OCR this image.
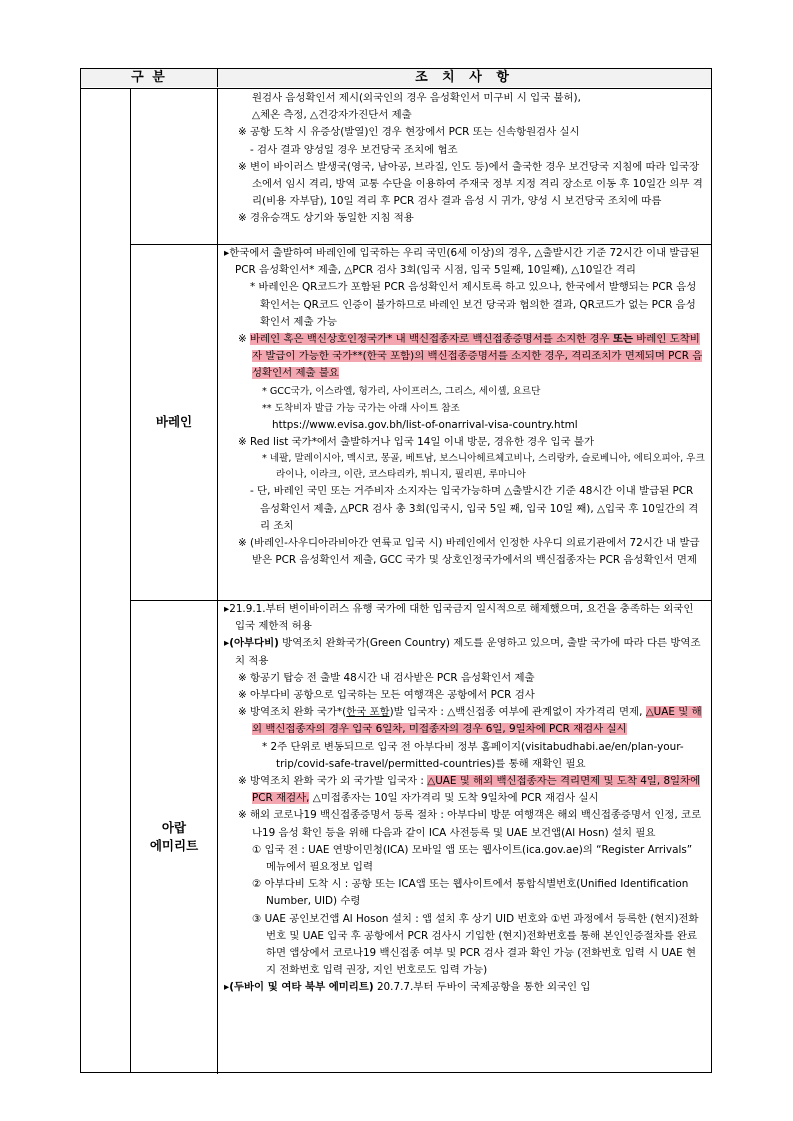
구 분	조 치 사 항

원검사 음성확인서 제시(외국인의 경우 음성확인서 미구비 시 입국 불허),

△체온 측정, △건강자가진단서 제출

※ 공항 도착 시 유증상(발열)인 경우 현장에서 PCR 또는 신속항원검사 실시

- 검사 결과 양성일 경우 보건당국 조치에 협조

※ 변이 바이러스 발생국(영국, 남아공, 브라질, 인도 등)에서 출국한 경우 보건당국 지침에 따라 입국장소에서 임시 격리, 방역 교통 수단을 이용하여 주재국 정부 지정 격리 장소로 이동 후 10일간 의무 격리(비용 자부담), 10일 격리 후 PCR 검사 결과 음성 시 귀가, 양성 시 보건당국 조치에 따름

※ 경유승객도 상기와 동일한 지침 적용

바레인

▸한국에서 출발하여 바레인에 입국하는 우리 국민(6세 이상)의 경우, △출발시간 기준 72시간 이내 발급된 PCR 음성확인서* 제출, △PCR 검사 3회(입국 시점, 입국 5일째, 10일째), △10일간 격리

* 바레인은 QR코드가 포함된 PCR 음성확인서 제시토록 하고 있으나, 한국에서 발행되는 PCR 음성확인서는 QR코드 인증이 불가하므로 바레인 보건 당국과 협의한 결과, QR코드가 없는 PCR 음성확인서 제출 가능

※ 바레인 혹은 백신상호인정국가* 내 백신접종자로 백신접종증명서를 소지한 경우 또는 바레인 도착비자 발급이 가능한 국가**(한국 포함)의 백신접종증명서를 소지한 경우, 격리조치가 면제되며 PCR 음성확인서 제출 불요

* GCC국가, 이스라엘, 헝가리, 사이프러스, 그리스, 세이셸, 요르단

** 도착비자 발급 가능 국가는 아래 사이트 참조

https://www.evisa.gov.bh/list-of-onarrival-visa-country.html

※ Red list 국가*에서 출발하거나 입국 14일 이내 방문, 경유한 경우 입국 불가

* 네팔, 말레이시아, 멕시코, 몽골, 베트남, 보스니아헤르체고비나, 스리랑카, 슬로베니아, 에티오피아, 우크라이나, 이라크, 이란, 코스타리카, 튀니지, 필리핀, 루마니아

- 단, 바레인 국민 또는 거주비자 소지자는 입국가능하며 △출발시간 기준 48시간 이내 발급된 PCR 음성확인서 제출, △PCR 검사 총 3회(입국시, 입국 5일 째, 입국 10일 째), △입국 후 10일간의 격리 조치

※ (바레인-사우디아라비아간 연륙교 입국 시) 바레인에서 인정한 사우디 의료기관에서 72시간 내 발급받은 PCR 음성확인서 제출, GCC 국가 및 상호인정국가에서의 백신접종자는 PCR 음성확인서 면제

아랍
에미리트

▸21.9.1.부터 변이바이러스 유행 국가에 대한 입국금지 일시적으로 해제했으며, 요건을 충족하는 외국인 입국 제한적 허용

▸(아부다비) 방역조치 완화국가(Green Country) 제도를 운영하고 있으며, 출발 국가에 따라 다른 방역조치 적용

※ 항공기 탑승 전 출발 48시간 내 검사받은 PCR 음성확인서 제출

※ 아부다비 공항으로 입국하는 모든 여행객은 공항에서 PCR 검사

※ 방역조치 완화 국가*(한국 포함)발 입국자 : △백신접종 여부에 관계없이 자가격리 면제, △UAE 및 해외 백신접종자의 경우 입국 6일차, 미접종자의 경우 6일, 9일차에 PCR 재검사 실시

* 2주 단위로 변동되므로 입국 전 아부다비 정부 홈페이지(visitabudhabi.ae/en/plan-your-trip/covid-safe-travel/permitted-countries)를 통해 재확인 필요

※ 방역조치 완화 국가 외 국가발 입국자 : △UAE 및 해외 백신접종자는 격리면제 및 도착 4일, 8일차에 PCR 재검사, △미접종자는 10일 자가격리 및 도착 9일차에 PCR 재검사 실시

※ 해외 코로나19 백신접종증명서 등록 절차 : 아부다비 방문 여행객은 해외 백신접종증명서 인정, 코로나19 음성 확인 등을 위해 다음과 같이 ICA 사전등록 및 UAE 보건앱(Al Hosn) 설치 필요

① 입국 전 : UAE 연방이민청(ICA) 모바일 앱 또는 웹사이트(ica.gov.ae)의 “Register Arrivals” 메뉴에서 필요정보 입력

② 아부다비 도착 시 : 공항 또는 ICA앱 또는 웹사이트에서 통합식별번호(Unified Identification Number, UID) 수령

③ UAE 공인보건앱 Al Hoson 설치 : 앱 설치 후 상기 UID 번호와 ①번 과정에서 등록한 (현지)전화번호 및 UAE 입국 후 공항에서 PCR 검사시 기입한 (현지)전화번호를 통해 본인인증절차를 완료하면 앱상에서 코로나19 백신접종 여부 및 PCR 검사 결과 확인 가능 (전화번호 입력 시 UAE 현지 전화번호 입력 권장, 지인 번호로도 입력 가능)

▸(두바이 및 여타 북부 에미리트) 20.7.7.부터 두바이 국제공항을 통한 외국인 입
